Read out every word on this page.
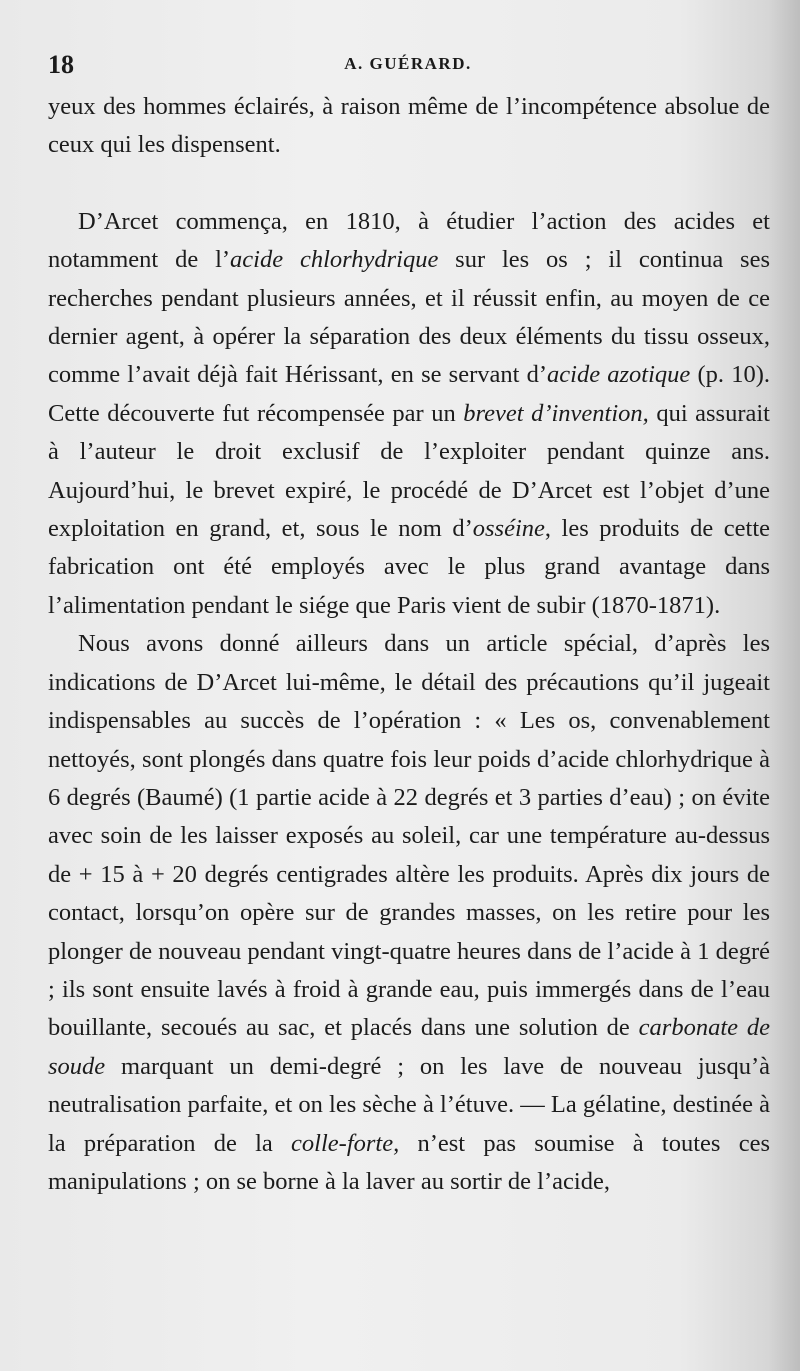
18	A. GUÉRARD.

yeux des hommes éclairés, à raison même de l’incompétence absolue de ceux qui les dispensent.

D’Arcet commença, en 1810, à étudier l’action des acides et notamment de l’acide chlorhydrique sur les os ; il continua ses recherches pendant plusieurs années, et il réussit enfin, au moyen de ce dernier agent, à opérer la séparation des deux éléments du tissu osseux, comme l’avait déjà fait Hérissant, en se servant d’acide azotique (p. 10). Cette découverte fut récompensée par un brevet d’invention, qui assurait à l’auteur le droit exclusif de l’exploiter pendant quinze ans. Aujourd’hui, le brevet expiré, le procédé de D’Arcet est l’objet d’une exploitation en grand, et, sous le nom d’osséine, les produits de cette fabrication ont été employés avec le plus grand avantage dans l’alimentation pendant le siége que Paris vient de subir (1870-1871).

Nous avons donné ailleurs dans un article spécial, d’après les indications de D’Arcet lui-même, le détail des précautions qu’il jugeait indispensables au succès de l’opération : « Les os, convenablement nettoyés, sont plongés dans quatre fois leur poids d’acide chlorhydrique à 6 degrés (Baumé) (1 partie acide à 22 degrés et 3 parties d’eau) ; on évite avec soin de les laisser exposés au soleil, car une température au-dessus de + 15 à + 20 degrés centigrades altère les produits. Après dix jours de contact, lorsqu’on opère sur de grandes masses, on les retire pour les plonger de nouveau pendant vingt-quatre heures dans de l’acide à 1 degré ; ils sont ensuite lavés à froid à grande eau, puis immergés dans de l’eau bouillante, secoués au sac, et placés dans une solution de carbonate de soude marquant un demi-degré ; on les lave de nouveau jusqu’à neutralisation parfaite, et on les sèche à l’étuve. — La gélatine, destinée à la préparation de la colle-forte, n’est pas soumise à toutes ces manipulations ; on se borne à la laver au sortir de l’acide,
